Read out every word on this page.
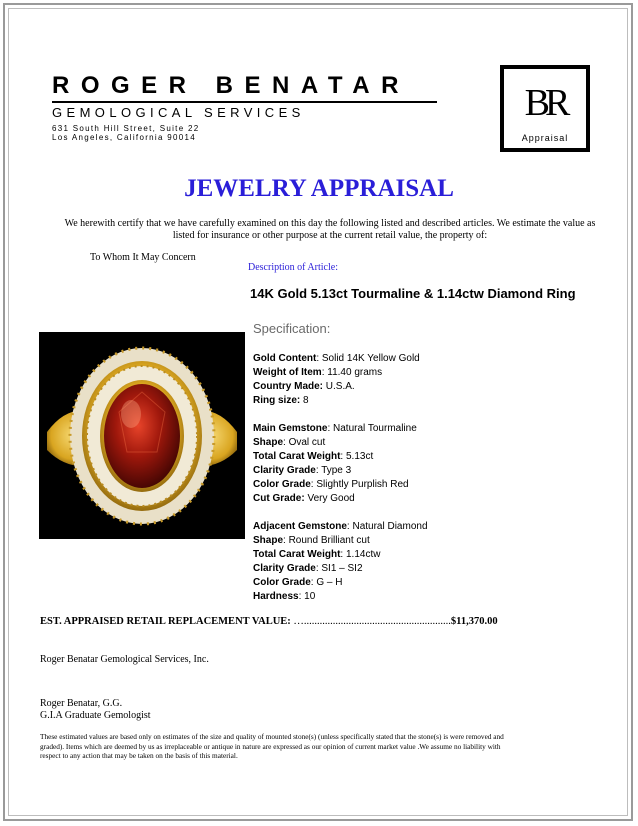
ROGER BENATAR
GEMOLOGICAL SERVICES
631 South Hill Street, Suite 22
Los Angeles, California 90014
BR
Appraisal
JEWELRY APPRAISAL
We herewith certify that we have carefully examined on this day the following listed and described articles. We estimate the value as listed for insurance or other purpose at the current retail value, the property of:
To Whom It May Concern
Description of Article:
14K Gold 5.13ct Tourmaline & 1.14ctw Diamond Ring
Specification:
Gold Content: Solid 14K Yellow Gold
Weight of Item: 11.40 grams
Country Made: U.S.A.
Ring size: 8
Main Gemstone: Natural Tourmaline
Shape: Oval cut
Total Carat Weight: 5.13ct
Clarity Grade: Type 3
Color Grade: Slightly Purplish Red
Cut Grade: Very Good
Adjacent Gemstone: Natural Diamond
Shape: Round Brilliant cut
Total Carat Weight: 1.14ctw
Clarity Grade: SI1 – SI2
Color Grade: G – H
Hardness: 10
EST. APPRAISED RETAIL REPLACEMENT VALUE: …........................................................$11,370.00
Roger Benatar Gemological Services, Inc.
Roger Benatar, G.G.
G.I.A Graduate Gemologist
These estimated values are based only on estimates of the size and quality of mounted stone(s) (unless specifically stated that the stone(s) is were removed and graded). Items which are deemed by us as irreplaceable or antique in nature are expressed as our opinion of current market value .We assume no liability with respect to any action that may be taken on the basis of this material.
